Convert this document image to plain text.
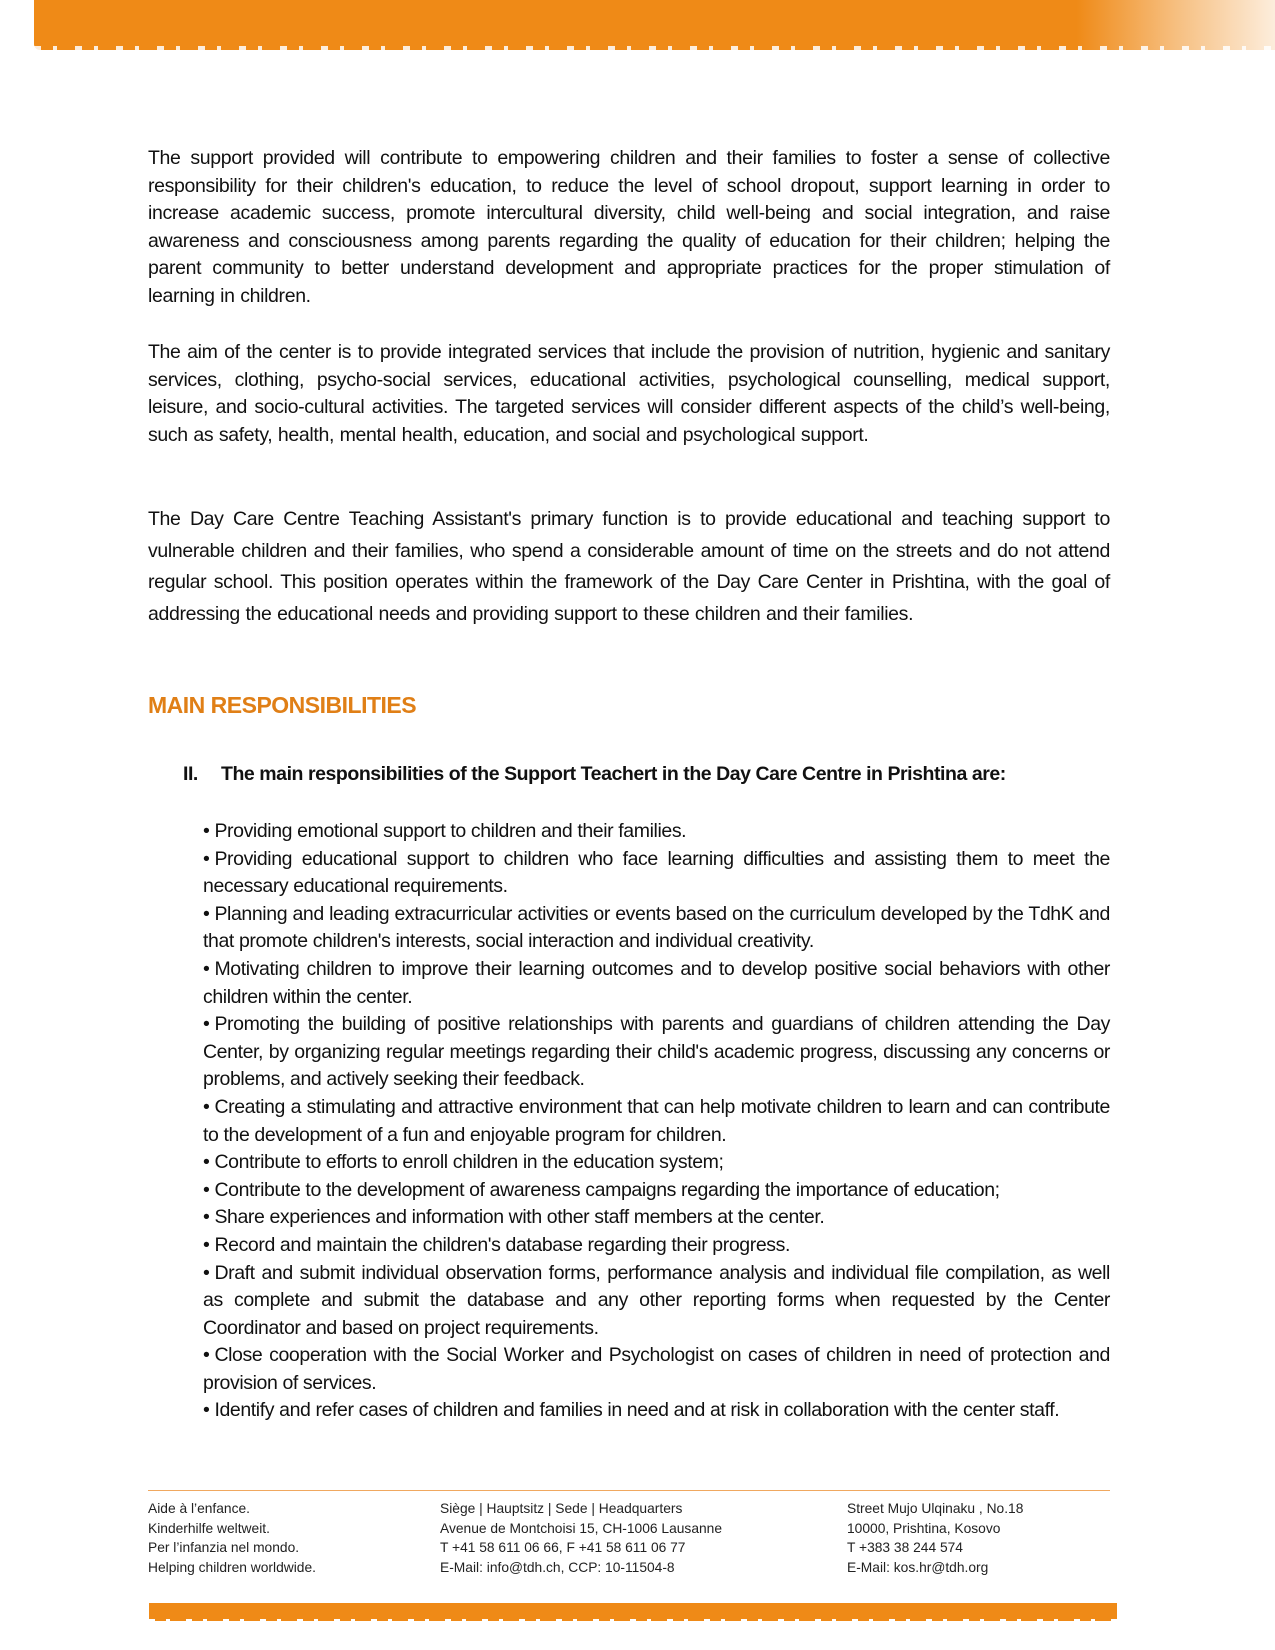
The support provided will contribute to empowering children and their families to foster a sense of collective responsibility for their children's education, to reduce the level of school dropout, support learning in order to increase academic success, promote intercultural diversity, child well-being and social integration, and raise awareness and consciousness among parents regarding the quality of education for their children; helping the parent community to better understand development and appropriate practices for the proper stimulation of learning in children.

The aim of the center is to provide integrated services that include the provision of nutrition, hygienic and sanitary services, clothing, psycho-social services, educational activities, psychological counselling, medical support, leisure, and socio-cultural activities. The targeted services will consider different aspects of the child’s well-being, such as safety, health, mental health, education, and social and psychological support.

The Day Care Centre Teaching Assistant's primary function is to provide educational and teaching support to vulnerable children and their families, who spend a considerable amount of time on the streets and do not attend regular school. This position operates within the framework of the Day Care Center in Prishtina, with the goal of addressing the educational needs and providing support to these children and their families.

MAIN RESPONSIBILITIES
II. The main responsibilities of the Support Teachert in the Day Care Centre in Prishtina are:
• Providing emotional support to children and their families.
• Providing educational support to children who face learning difficulties and assisting them to meet the necessary educational requirements.
• Planning and leading extracurricular activities or events based on the curriculum developed by the TdhK and that promote children's interests, social interaction and individual creativity.
• Motivating children to improve their learning outcomes and to develop positive social behaviors with other children within the center.
• Promoting the building of positive relationships with parents and guardians of children attending the Day Center, by organizing regular meetings regarding their child's academic progress, discussing any concerns or problems, and actively seeking their feedback.
• Creating a stimulating and attractive environment that can help motivate children to learn and can contribute to the development of a fun and enjoyable program for children.
• Contribute to efforts to enroll children in the education system;
• Contribute to the development of awareness campaigns regarding the importance of education;
• Share experiences and information with other staff members at the center.
• Record and maintain the children's database regarding their progress.
• Draft and submit individual observation forms, performance analysis and individual file compilation, as well as complete and submit the database and any other reporting forms when requested by the Center Coordinator and based on project requirements.
• Close cooperation with the Social Worker and Psychologist on cases of children in need of protection and provision of services.
• Identify and refer cases of children and families in need and at risk in collaboration with the center staff.
Aide à l’enfance.
Kinderhilfe weltweit.
Per l’infanzia nel mondo.
Helping children worldwide.
Siège | Hauptsitz | Sede | Headquarters
Avenue de Montchoisi 15, CH-1006 Lausanne
T +41 58 611 06 66, F +41 58 611 06 77
E-Mail: info@tdh.ch, CCP: 10-11504-8
Street Mujo Ulqinaku , No.18
10000, Prishtina, Kosovo
T +383 38 244 574
E-Mail: kos.hr@tdh.org
